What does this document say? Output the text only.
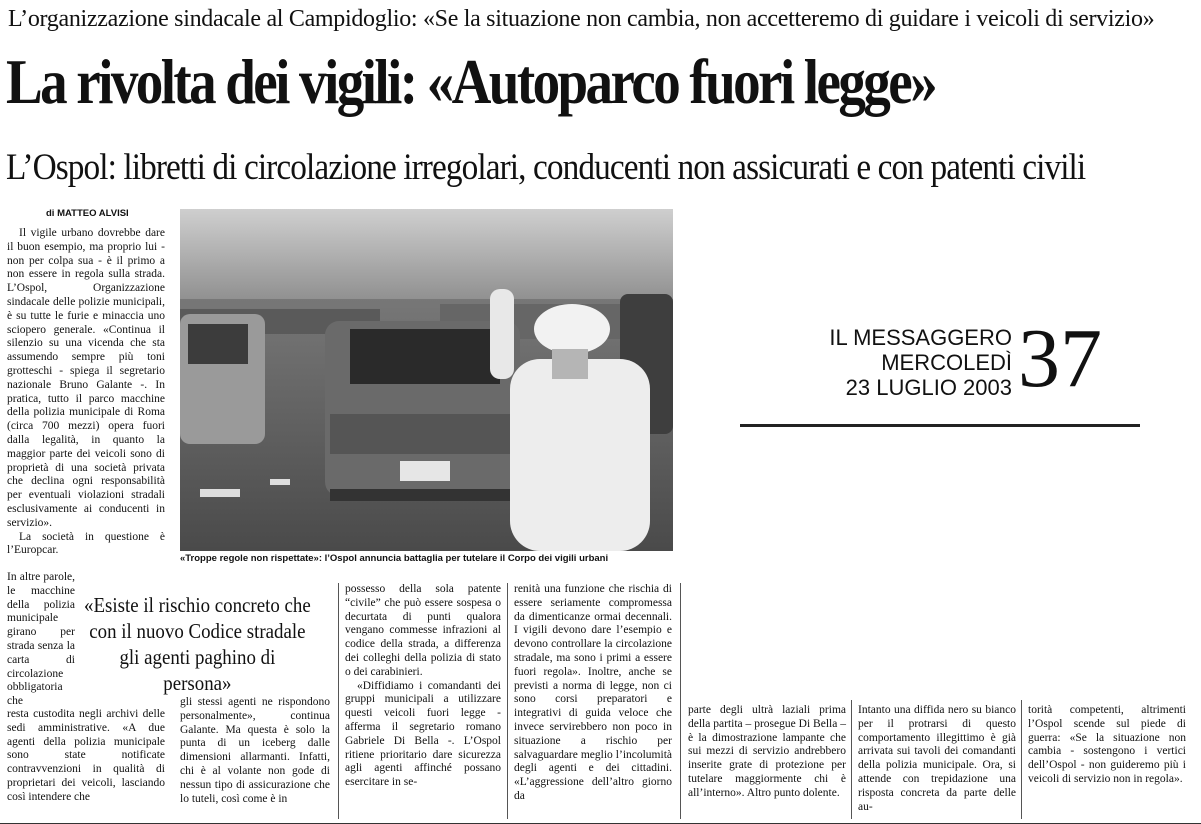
L’organizzazione sindacale al Campidoglio: «Se la situazione non cambia, non accetteremo di guidare i veicoli di servizio»
La rivolta dei vigili: «Autoparco fuori legge»
L’Ospol: libretti di circolazione irregolari, conducenti non assicurati e con patenti civili
di MATTEO ALVISI

Il vigile urbano dovrebbe dare il buon esempio, ma proprio lui - non per colpa sua - è il primo a non essere in regola sulla strada. L’Ospol, Organizzazione sindacale delle polizie municipali, è su tutte le furie e minaccia uno sciopero generale. «Continua il silenzio su una vicenda che sta assumendo sempre più toni grotteschi - spiega il segretario nazionale Bruno Galante -. In pratica, tutto il parco macchine della polizia municipale di Roma (circa 700 mezzi) opera fuori dalla legalità, in quanto la maggior parte dei veicoli sono di proprietà di una società privata che declina ogni responsabilità per eventuali violazioni stradali esclusivamente ai conducenti in servizio».

La società in questione è l’Europcar.

In altre parole, le macchine della polizia municipale girano per strada senza la carta di circolazione obbligatoria che

resta custodita negli archivi delle sedi amministrative. «A due agenti della polizia municipale sono state notificate contravvenzioni in qualità di proprietari dei veicoli, lasciando così intendere che

«Troppe regole non rispettate»: l’Ospol annuncia battaglia per tutelare il Corpo dei vigili urbani
«Esiste il rischio concreto che con il nuovo Codice stradale gli agenti paghino di persona»

gli stessi agenti ne rispondono personalmente», continua Galante. Ma questa è solo la punta di un iceberg dalle dimensioni allarmanti. Infatti, chi è al volante non gode di nessun tipo di assicurazione che lo tuteli, così come è in

possesso della sola patente “civile” che può essere sospesa o decurtata di punti qualora vengano commesse infrazioni al codice della strada, a differenza dei colleghi della polizia di stato o dei carabinieri.

«Diffidiamo i comandanti dei gruppi municipali a utilizzare questi veicoli fuori legge - afferma il segretario romano Gabriele Di Bella -. L’Ospol ritiene prioritario dare sicurezza agli agenti affinché possano esercitare in se-

renità una funzione che rischia di essere seriamente compromessa da dimenticanze ormai decennali. I vigili devono dare l’esempio e devono controllare la circolazione stradale, ma sono i primi a essere fuori regola». Inoltre, anche se previsti a norma di legge, non ci sono corsi preparatori e integrativi di guida veloce che invece servirebbero non poco in situazione a rischio per salvaguardare meglio l’incolumità degli agenti e dei cittadini. «L’aggressione dell’altro giorno da

parte degli ultrà laziali prima della partita – prosegue Di Bella – è la dimostrazione lampante che sui mezzi di servizio andrebbero inserite grate di protezione per tutelare maggiormente chi è all’interno». Altro punto dolente.

Intanto una diffida nero su bianco per il protrarsi di questo comportamento illegittimo è già arrivata sui tavoli dei comandanti della polizia municipale. Ora, si attende con trepidazione una risposta concreta da parte delle au-

torità competenti, altrimenti l’Ospol scende sul piede di guerra: «Se la situazione non cambia - sostengono i vertici dell’Ospol - non guideremo più i veicoli di servizio non in regola».

IL MESSAGGERO
MERCOLEDÌ
23 LUGLIO 2003 37
